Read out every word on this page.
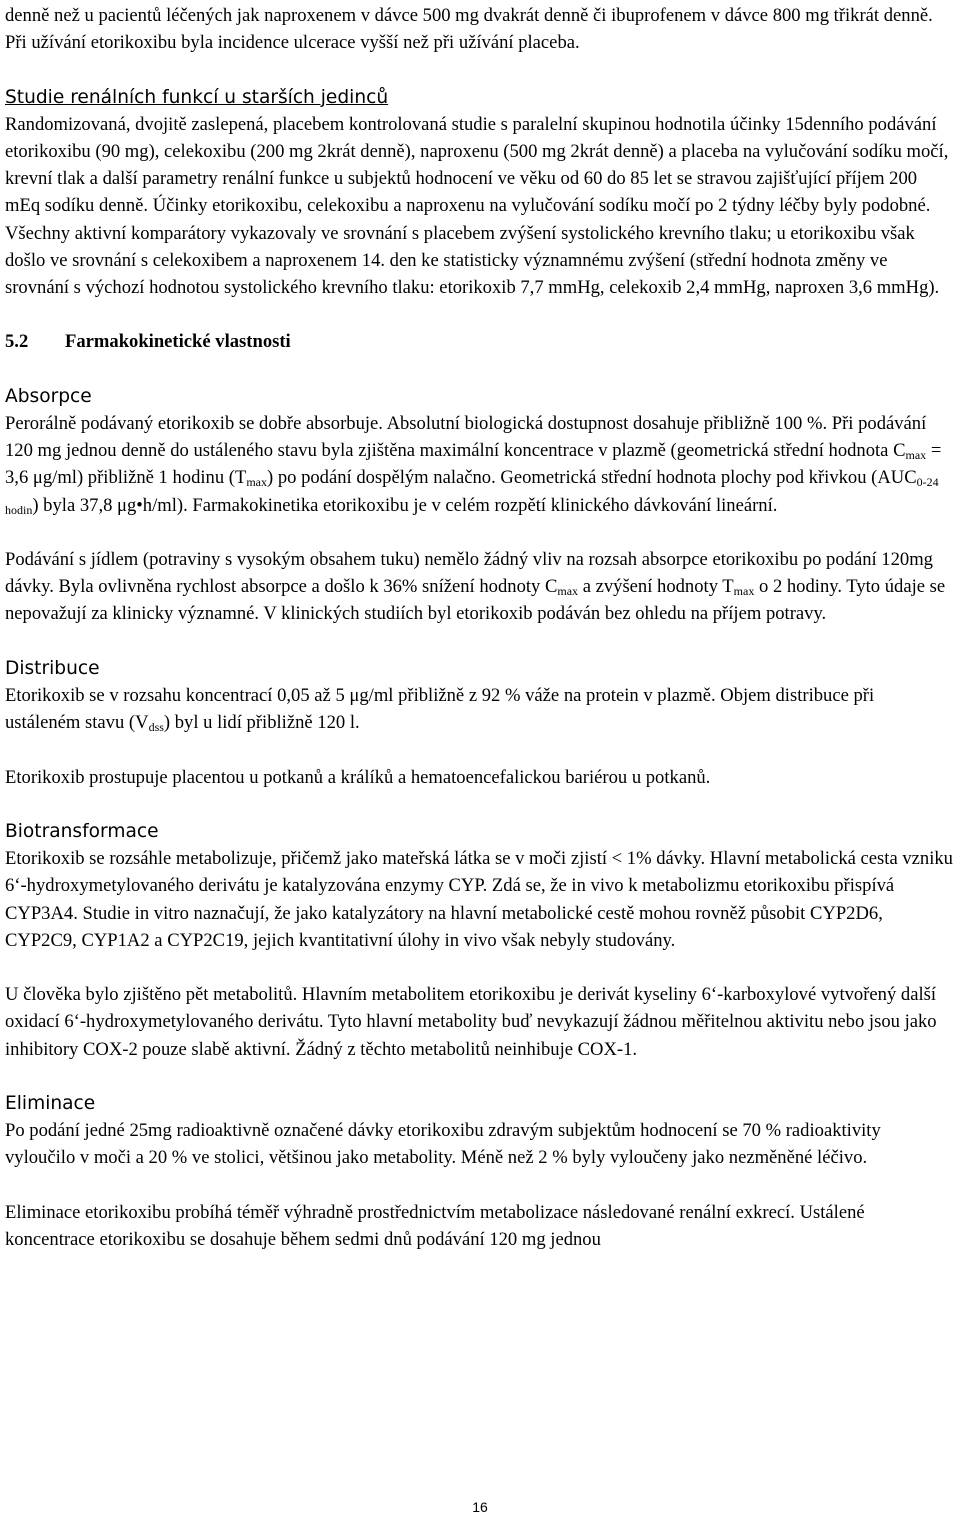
denně než u pacientů léčených jak naproxenem v dávce 500 mg dvakrát denně či ibuprofenem v dávce 800 mg třikrát denně. Při užívání etorikoxibu byla incidence ulcerace vyšší než při užívání placeba.

Studie renálních funkcí u starších jedinců

Randomizovaná, dvojitě zaslepená, placebem kontrolovaná studie s paralelní skupinou hodnotila účinky 15denního podávání etorikoxibu (90 mg), celekoxibu (200 mg 2krát denně), naproxenu (500 mg 2krát denně) a placeba na vylučování sodíku močí, krevní tlak a další parametry renální funkce u subjektů hodnocení ve věku od 60 do 85 let se stravou zajišťující příjem 200 mEq sodíku denně. Účinky etorikoxibu, celekoxibu a naproxenu na vylučování sodíku močí po 2 týdny léčby byly podobné. Všechny aktivní komparátory vykazovaly ve srovnání s placebem zvýšení systolického krevního tlaku; u etorikoxibu však došlo ve srovnání s celekoxibem a naproxenem 14. den ke statisticky významnému zvýšení (střední hodnota změny ve srovnání s výchozí hodnotou systolického krevního tlaku: etorikoxib 7,7 mmHg, celekoxib 2,4 mmHg, naproxen 3,6 mmHg).

5.2 Farmakokinetické vlastnosti

Absorpce

Perorálně podávaný etorikoxib se dobře absorbuje. Absolutní biologická dostupnost dosahuje přibližně 100 %. Při podávání 120 mg jednou denně do ustáleného stavu byla zjištěna maximální koncentrace v plazmě (geometrická střední hodnota $C_{max} = 3,6$ μg/ml) přibližně 1 hodinu $(T_{max})$ po podání dospělým nalačno. Geometrická střední hodnota plochy pod křivkou $(AUC_{0-24 hodin})$ byla 37,8 μg•h/ml). Farmakokinetika etorikoxibu je v celém rozpětí klinického dávkování lineární.

Podávání s jídlem (potraviny s vysokým obsahem tuku) nemělo žádný vliv na rozsah absorpce etorikoxibu po podání 120mg dávky. Byla ovlivněna rychlost absorpce a došlo k 36% snížení hodnoty $C_{max}$ a zvýšení hodnoty $T_{max}$ o 2 hodiny. Tyto údaje se nepovažují za klinicky významné. V klinických studiích byl etorikoxib podáván bez ohledu na příjem potravy.

Distribuce

Etorikoxib se v rozsahu koncentrací 0,05 až 5 μg/ml přibližně z 92 % váže na protein v plazmě. Objem distribuce při ustáleném stavu $(V_{dss})$ byl u lidí přibližně 120 l.

Etorikoxib prostupuje placentou u potkanů a králíků a hematoencefalickou bariérou u potkanů.

Biotransformace

Etorikoxib se rozsáhle metabolizuje, přičemž jako mateřská látka se v moči zjistí < 1% dávky. Hlavní metabolická cesta vzniku 6‘-hydroxymetylovaného derivátu je katalyzována enzymy CYP. Zdá se, že in vivo k metabolizmu etorikoxibu přispívá CYP3A4. Studie in vitro naznačují, že jako katalyzátory na hlavní metabolické cestě mohou rovněž působit CYP2D6, CYP2C9, CYP1A2 a CYP2C19, jejich kvantitativní úlohy in vivo však nebyly studovány.

U člověka bylo zjištěno pět metabolitů. Hlavním metabolitem etorikoxibu je derivát kyseliny 6‘-karboxylové vytvořený další oxidací 6‘-hydroxymetylovaného derivátu. Tyto hlavní metabolity buď nevykazují žádnou měřitelnou aktivitu nebo jsou jako inhibitory COX-2 pouze slabě aktivní. Žádný z těchto metabolitů neinhibuje COX-1.

Eliminace

Po podání jedné 25mg radioaktivně označené dávky etorikoxibu zdravým subjektům hodnocení se 70 % radioaktivity vyloučilo v moči a 20 % ve stolici, většinou jako metabolity. Méně než 2 % byly vyloučeny jako nezměněné léčivo.

Eliminace etorikoxibu probíhá téměř výhradně prostřednictvím metabolizace následované renální exkrecí. Ustálené koncentrace etorikoxibu se dosahuje během sedmi dnů podávání 120 mg jednou

16
